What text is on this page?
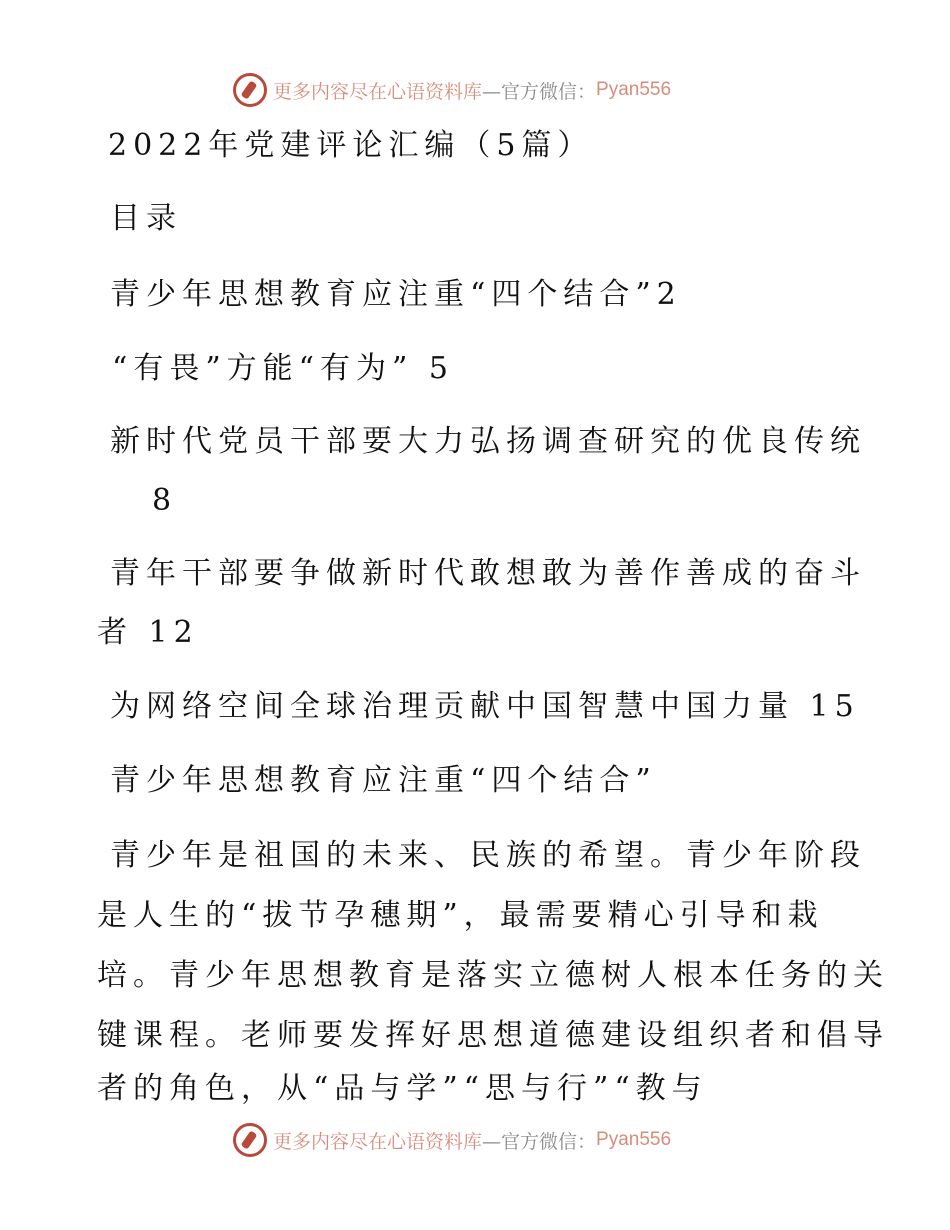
更多内容尽在心语资料库 —官方微信： Pyan556
2022年党建评论汇编（5篇）
目录
青少年思想教育应注重“四个结合”2
“有畏”方能“有为” 5
新时代党员干部要大力弘扬调查研究的优良传统
8
青年干部要争做新时代敢想敢为善作善成的奋斗
者 12
为网络空间全球治理贡献中国智慧中国力量 15
青少年思想教育应注重“四个结合”
青少年是祖国的未来、民族的希望。青少年阶段
是人生的“拔节孕穗期”，最需要精心引导和栽
培。青少年思想教育是落实立德树人根本任务的关
键课程。老师要发挥好思想道德建设组织者和倡导
者的角色，从“品与学”“思与行”“教与
更多内容尽在心语资料库 —官方微信： Pyan556
